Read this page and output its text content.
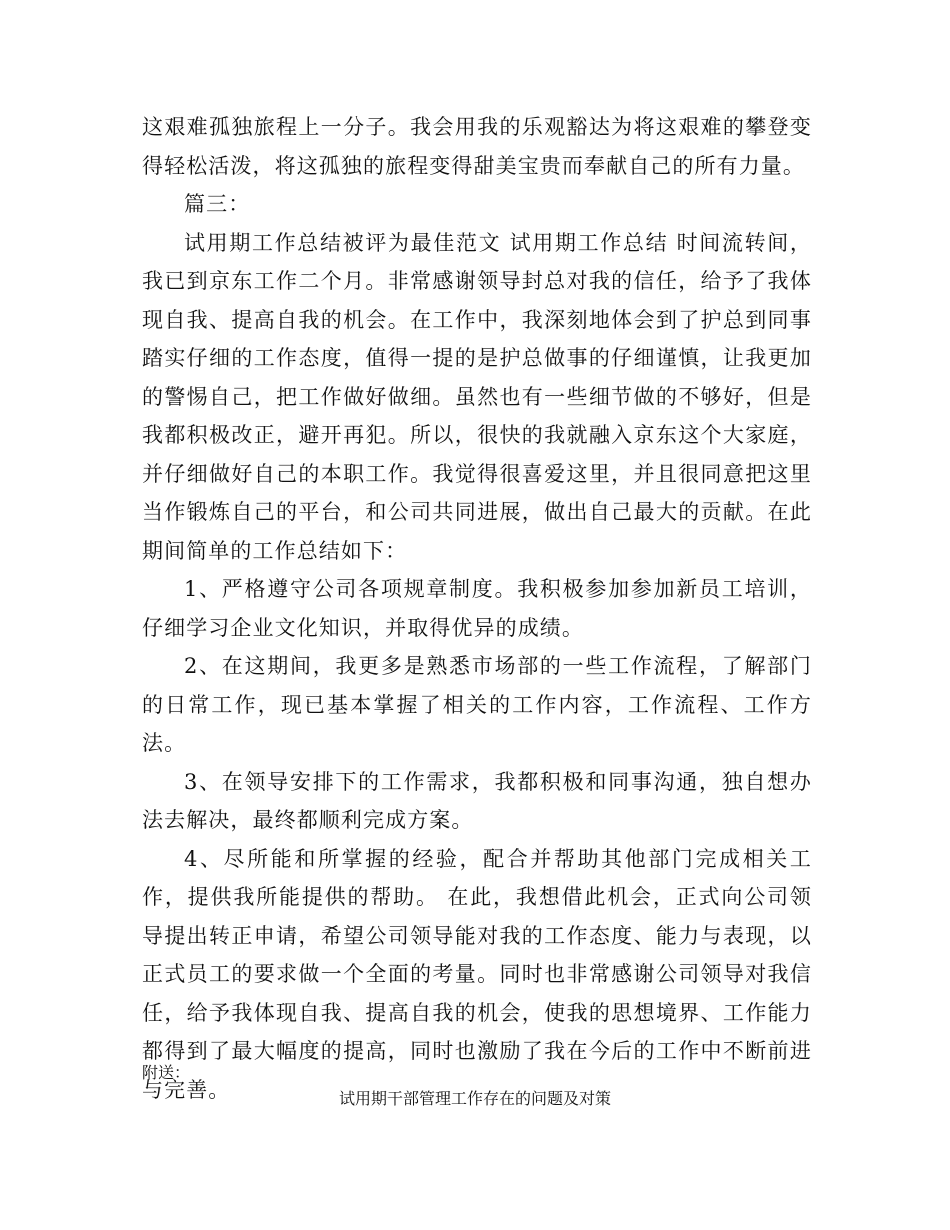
这艰难孤独旅程上一分子。我会用我的乐观豁达为将这艰难的攀登变得轻松活泼，将这孤独的旅程变得甜美宝贵而奉献自己的所有力量。

篇三：

试用期工作总结被评为最佳范文 试用期工作总结 时间流转间，我已到京东工作二个月。非常感谢领导封总对我的信任，给予了我体现自我、提高自我的机会。在工作中，我深刻地体会到了护总到同事踏实仔细的工作态度，值得一提的是护总做事的仔细谨慎，让我更加的警惕自己，把工作做好做细。虽然也有一些细节做的不够好，但是我都积极改正，避开再犯。所以，很快的我就融入京东这个大家庭，并仔细做好自己的本职工作。我觉得很喜爱这里，并且很同意把这里当作锻炼自己的平台，和公司共同进展，做出自己最大的贡献。在此期间简单的工作总结如下：

1、严格遵守公司各项规章制度。我积极参加参加新员工培训，仔细学习企业文化知识，并取得优异的成绩。

2、在这期间，我更多是熟悉市场部的一些工作流程，了解部门的日常工作，现已基本掌握了相关的工作内容，工作流程、工作方法。

3、在领导安排下的工作需求，我都积极和同事沟通，独自想办法去解决，最终都顺利完成方案。

4、尽所能和所掌握的经验，配合并帮助其他部门完成相关工作，提供我所能提供的帮助。 在此，我想借此机会，正式向公司领导提出转正申请，希望公司领导能对我的工作态度、能力与表现，以正式员工的要求做一个全面的考量。同时也非常感谢公司领导对我信任，给予我体现自我、提高自我的机会，使我的思想境界、工作能力都得到了最大幅度的提高，同时也激励了我在今后的工作中不断前进与完善。

附送：
试用期干部管理工作存在的问题及对策
